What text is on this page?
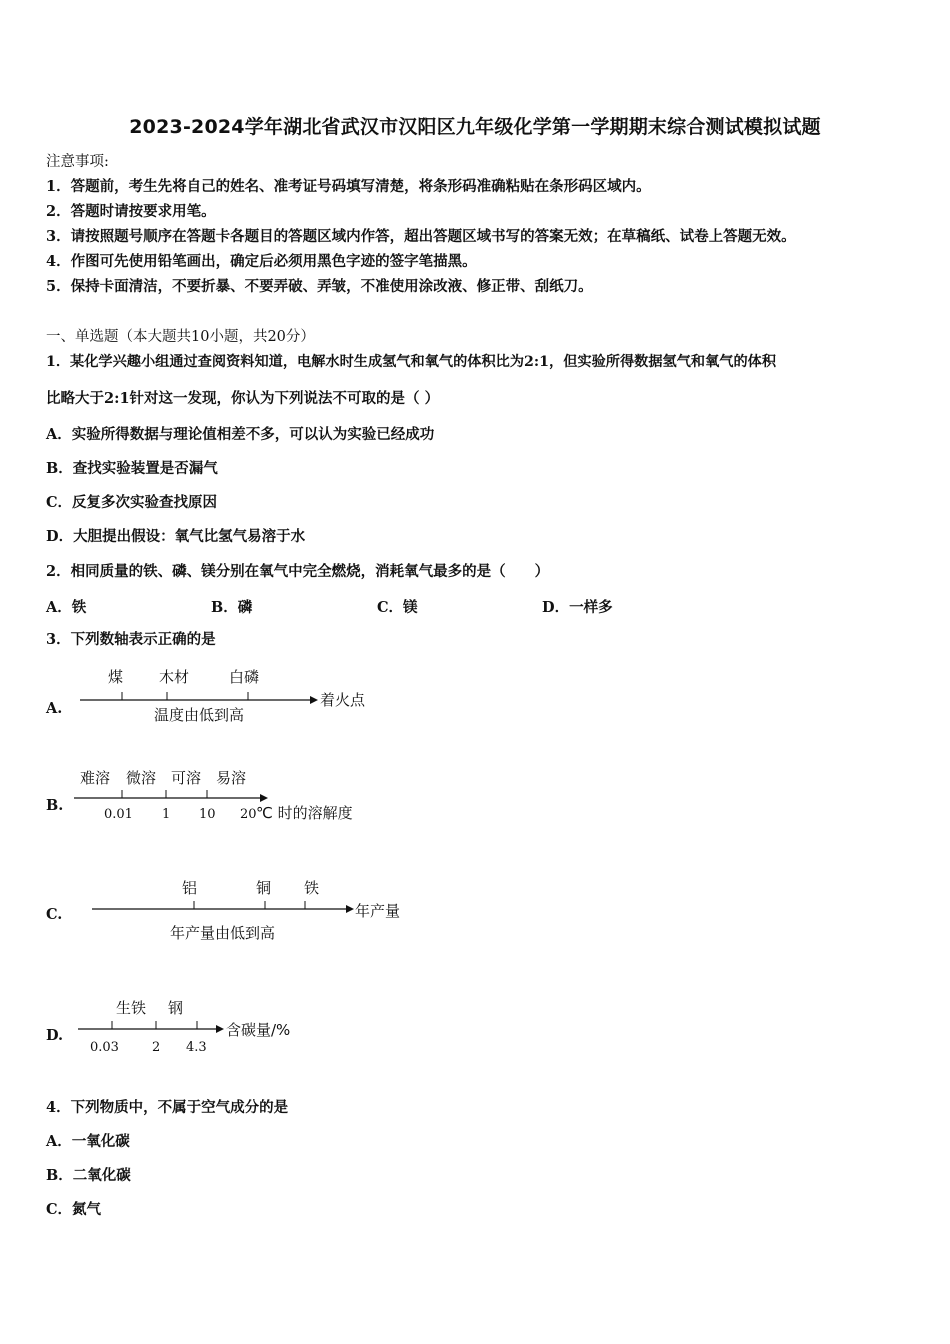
2023-2024学年湖北省武汉市汉阳区九年级化学第一学期期末综合测试模拟试题
注意事项:
1．答题前，考生先将自己的姓名、准考证号码填写清楚，将条形码准确粘贴在条形码区域内。
2．答题时请按要求用笔。
3．请按照题号顺序在答题卡各题目的答题区域内作答，超出答题区域书写的答案无效；在草稿纸、试卷上答题无效。
4．作图可先使用铅笔画出，确定后必须用黑色字迹的签字笔描黑。
5．保持卡面清洁，不要折暴、不要弄破、弄皱，不准使用涂改液、修正带、刮纸刀。
一、单选题（本大题共10小题，共20分）
1．某化学兴趣小组通过查阅资料知道，电解水时生成氢气和氧气的体积比为2:1，但实验所得数据氢气和氧气的体积
比略大于2:1针对这一发现，你认为下列说法不可取的是（ ）
A．实验所得数据与理论值相差不多，可以认为实验已经成功
B．查找实验装置是否漏气
C．反复多次实验查找原因
D．大胆提出假设：氧气比氢气易溶于水
2．相同质量的铁、磷、镁分别在氧气中完全燃烧，消耗氧气最多的是（　　）
A．铁	B．磷	C．镁	D．一样多
3．下列数轴表示正确的是
A.
煤 木材	白磷
着火点
温度由低到高
B.
难溶 微溶 可溶 易溶
0.01 1 10 20 ℃ 时的溶解度
C.
铝	铜 铁
年产量
年产量由低到高
D.
生铁 钢
0.03	2 4.3
含碳量/%
4．下列物质中，不属于空气成分的是
A．一氧化碳
B．二氧化碳
C．氮气
